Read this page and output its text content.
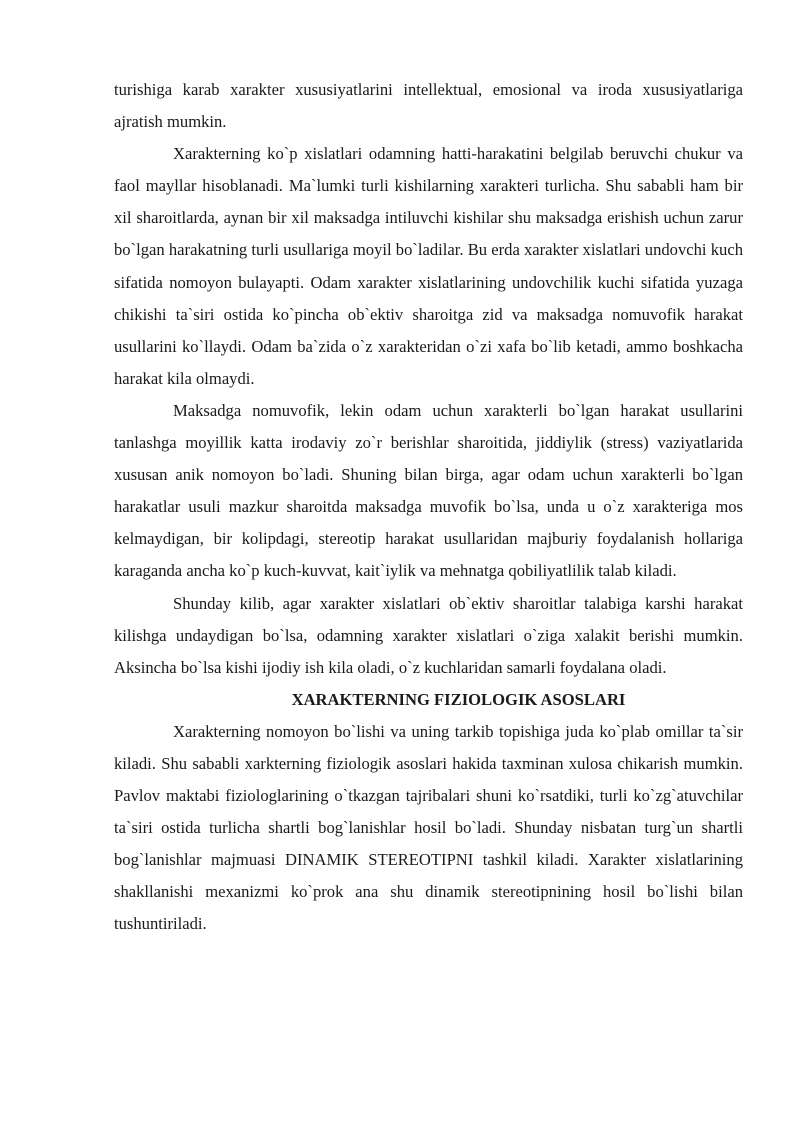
turishiga karab xarakter xususiyatlarini intellektual, emosional va iroda xususiyatlariga ajratish mumkin.

Xarakterning ko`p xislatlari odamning hatti-harakatini belgilab beruvchi chukur va faol mayllar hisoblanadi. Ma`lumki turli kishilarning xarakteri turlicha. Shu sababli ham bir xil sharoitlarda, aynan bir xil maksadga intiluvchi kishilar shu maksadga erishish uchun zarur bo`lgan harakatning turli usullariga moyil bo`ladilar. Bu erda xarakter xislatlari undovchi kuch sifatida nomoyon bulayapti. Odam xarakter xislatlarining undovchilik kuchi sifatida yuzaga chikishi ta`siri ostida ko`pincha ob`ektiv sharoitga zid va maksadga nomuvofik harakat usullarini ko`llaydi. Odam ba`zida o`z xarakteridan o`zi xafa bo`lib ketadi, ammo boshkacha harakat kila olmaydi.

Maksadga nomuvofik, lekin odam uchun xarakterli bo`lgan harakat usullarini tanlashga moyillik katta irodaviy zo`r berishlar sharoitida, jiddiylik (stress) vaziyatlarida xususan anik nomoyon bo`ladi. Shuning bilan birga, agar odam uchun xarakterli bo`lgan harakatlar usuli mazkur sharoitda maksadga muvofik bo`lsa, unda u o`z xarakteriga mos kelmaydigan, bir kolipdagi, stereotip harakat usullaridan majburiy foydalanish hollariga karaganda ancha ko`p kuch-kuvvat, kait`iylik va mehnatga qobiliyatlilik talab kiladi.

Shunday kilib, agar xarakter xislatlari ob`ektiv sharoitlar talabiga karshi harakat kilishga undaydigan bo`lsa, odamning xarakter xislatlari o`ziga xalakit berishi mumkin. Aksincha bo`lsa kishi ijodiy ish kila oladi, o`z kuchlaridan samarli foydalana oladi.

XARAKTERNING FIZIOLOGIK ASOSLARI

Xarakterning nomoyon bo`lishi va uning tarkib topishiga juda ko`plab omillar ta`sir kiladi. Shu sababli xarkterning fiziologik asoslari hakida taxminan xulosa chikarish mumkin. Pavlov maktabi fiziologlarining o`tkazgan tajribalari shuni ko`rsatdiki, turli ko`zg`atuvchilar ta`siri ostida turlicha shartli bog`lanishlar hosil bo`ladi. Shunday nisbatan turg`un shartli bog`lanishlar majmuasi DINAMIK STEREOTIPNI tashkil kiladi. Xarakter xislatlarining shakllanishi mexanizmi ko`prok ana shu dinamik stereotipnining hosil bo`lishi bilan tushuntiriladi.
